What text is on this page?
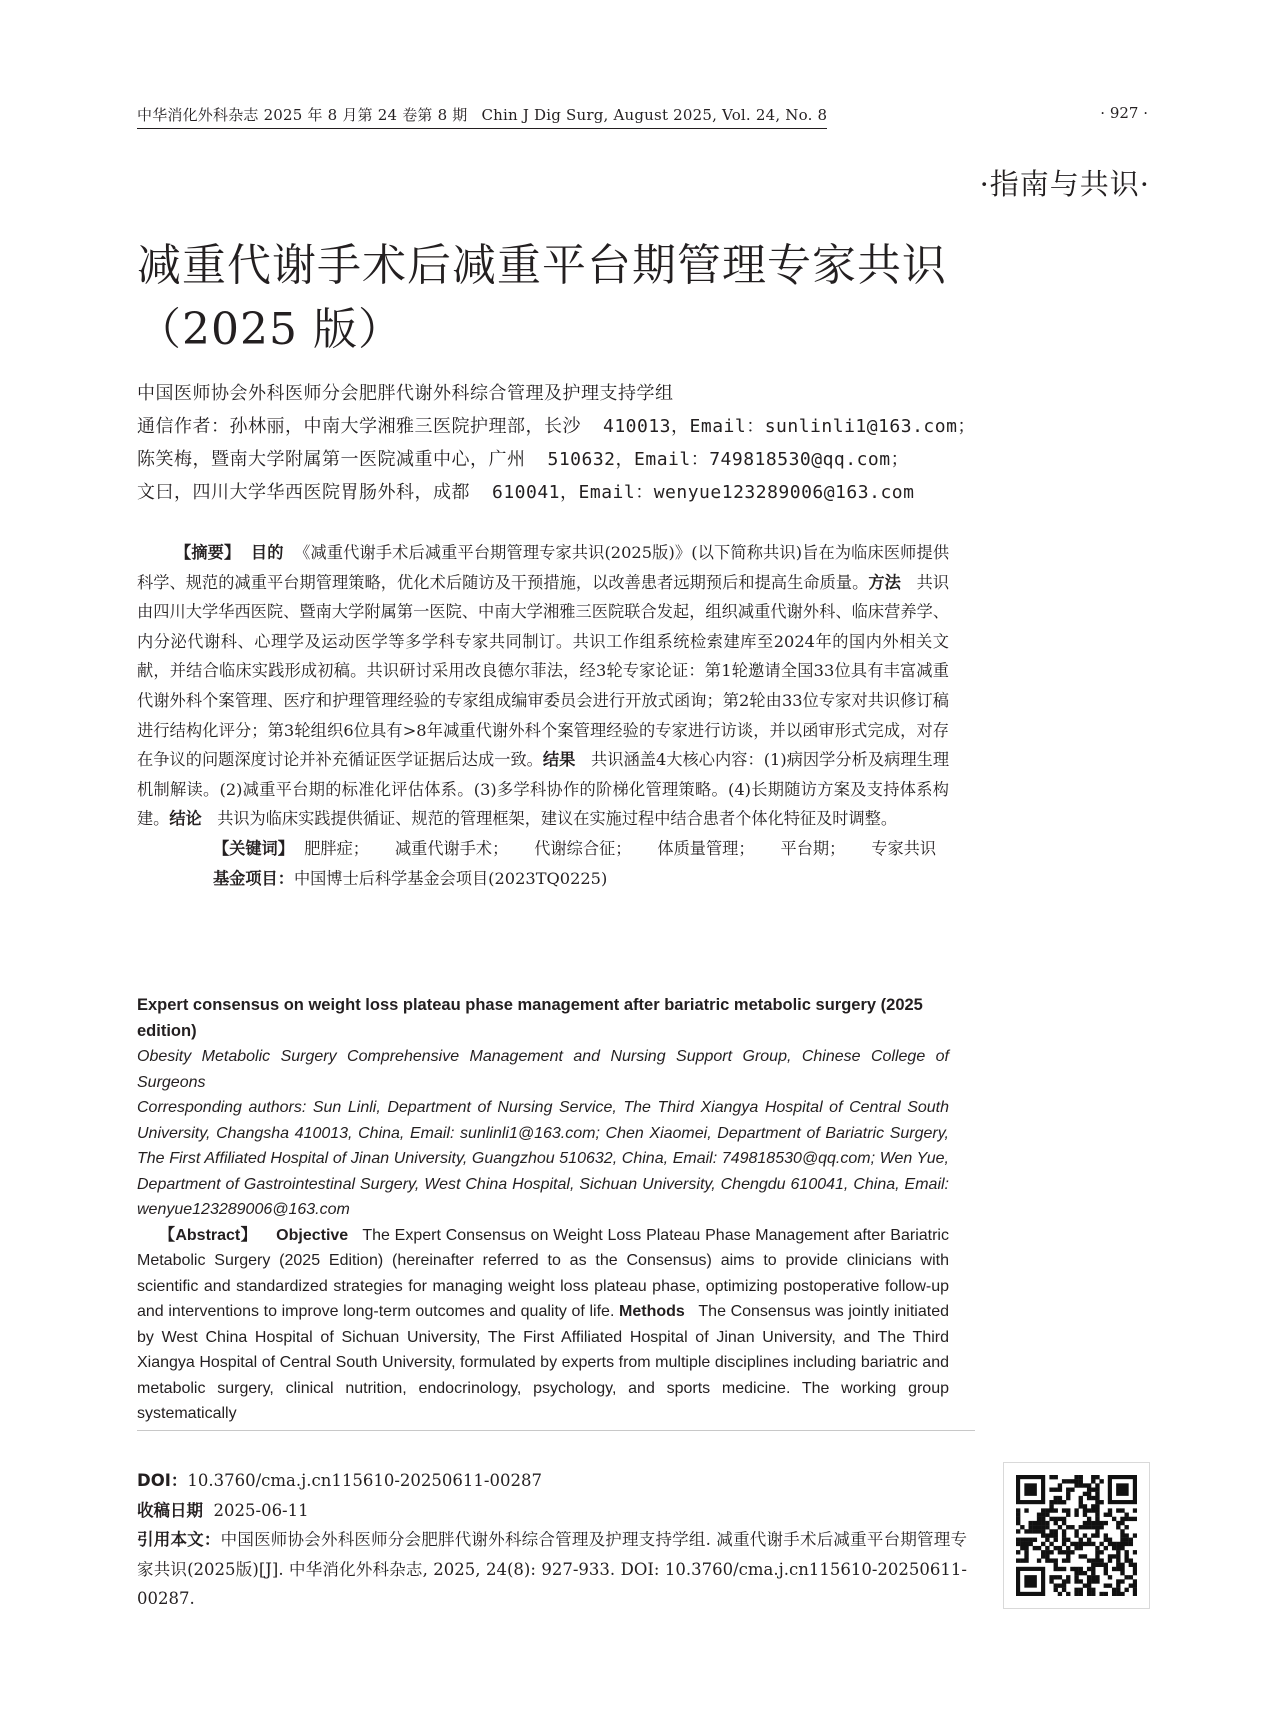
中华消化外科杂志 2025 年 8 月第 24 卷第 8 期 Chin J Dig Surg, August 2025, Vol. 24, No. 8	· 927 ·
·指南与共识·
减重代谢手术后减重平台期管理专家共识
（2025 版）
中国医师协会外科医师分会肥胖代谢外科综合管理及护理支持学组
通信作者：孙林丽，中南大学湘雅三医院护理部，长沙 410013，Email：sunlinli1@163.com；
陈笑梅，暨南大学附属第一医院减重中心，广州 510632，Email：749818530@qq.com；
文曰，四川大学华西医院胃肠外科，成都 610041，Email：wenyue123289006@163.com

【摘要】 目的 《减重代谢手术后减重平台期管理专家共识(2025版)》(以下简称共识)旨在为临床医师提供科学、规范的减重平台期管理策略，优化术后随访及干预措施，以改善患者远期预后和提高生命质量。方法 共识由四川大学华西医院、暨南大学附属第一医院、中南大学湘雅三医院联合发起，组织减重代谢外科、临床营养学、内分泌代谢科、心理学及运动医学等多学科专家共同制订。共识工作组系统检索建库至2024年的国内外相关文献，并结合临床实践形成初稿。共识研讨采用改良德尔菲法，经3轮专家论证：第1轮邀请全国33位具有丰富减重代谢外科个案管理、医疗和护理管理经验的专家组成编审委员会进行开放式函询；第2轮由33位专家对共识修订稿进行结构化评分；第3轮组织6位具有>8年减重代谢外科个案管理经验的专家进行访谈，并以函审形式完成，对存在争议的问题深度讨论并补充循证医学证据后达成一致。结果 共识涵盖4大核心内容：(1)病因学分析及病理生理机制解读。(2)减重平台期的标准化评估体系。(3)多学科协作的阶梯化管理策略。(4)长期随访方案及支持体系构建。结论 共识为临床实践提供循证、规范的管理框架，建议在实施过程中结合患者个体化特征及时调整。

【关键词】 肥胖症； 减重代谢手术； 代谢综合征； 体质量管理； 平台期； 专家共识

基金项目：中国博士后科学基金会项目(2023TQ0225)

Expert consensus on weight loss plateau phase management after bariatric metabolic surgery (2025 edition)
Obesity Metabolic Surgery Comprehensive Management and Nursing Support Group, Chinese College of Surgeons
Corresponding authors: Sun Linli, Department of Nursing Service, The Third Xiangya Hospital of Central South University, Changsha 410013, China, Email: sunlinli1@163.com; Chen Xiaomei, Department of Bariatric Surgery, The First Affiliated Hospital of Jinan University, Guangzhou 510632, China, Email: 749818530@qq.com; Wen Yue, Department of Gastrointestinal Surgery, West China Hospital, Sichuan University, Chengdu 610041, China, Email: wenyue123289006@163.com

【Abstract】 Objective The Expert Consensus on Weight Loss Plateau Phase Management after Bariatric Metabolic Surgery (2025 Edition) (hereinafter referred to as the Consensus) aims to provide clinicians with scientific and standardized strategies for managing weight loss plateau phase, optimizing postoperative follow-up and interventions to improve long-term outcomes and quality of life. Methods The Consensus was jointly initiated by West China Hospital of Sichuan University, The First Affiliated Hospital of Jinan University, and The Third Xiangya Hospital of Central South University, formulated by experts from multiple disciplines including bariatric and metabolic surgery, clinical nutrition, endocrinology, psychology, and sports medicine. The working group systematically

DOI：10.3760/cma.j.cn115610-20250611-00287
收稿日期 2025-06-11
引用本文：中国医师协会外科医师分会肥胖代谢外科综合管理及护理支持学组. 减重代谢手术后减重平台期管理专家共识(2025版)[J]. 中华消化外科杂志, 2025, 24(8): 927-933. DOI: 10.3760/cma.j.cn115610-20250611-00287.
